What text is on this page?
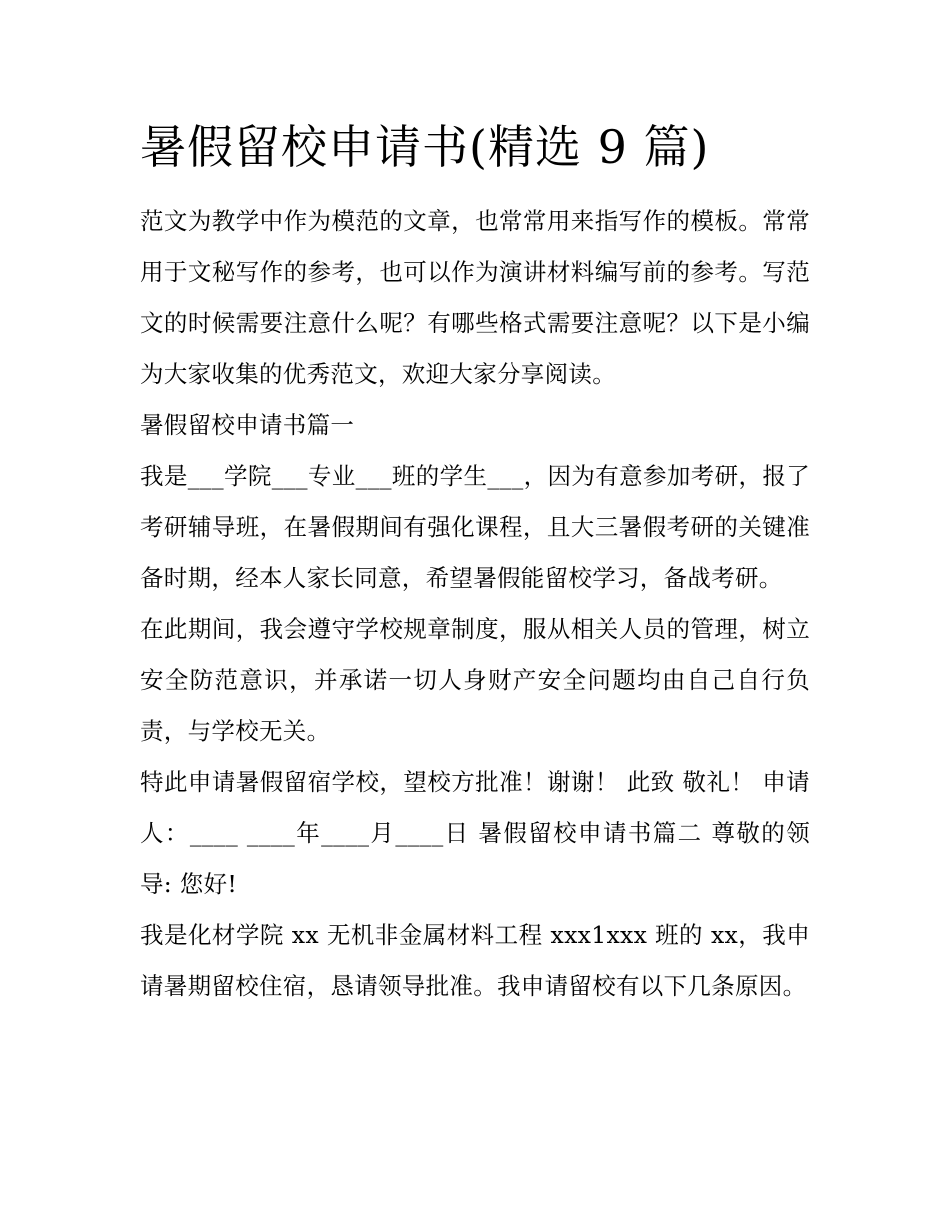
暑假留校申请书(精选 9 篇)

范文为教学中作为模范的文章，也常常用来指写作的模板。常常用于文秘写作的参考，也可以作为演讲材料编写前的参考。写范文的时候需要注意什么呢？有哪些格式需要注意呢？以下是小编为大家收集的优秀范文，欢迎大家分享阅读。

暑假留校申请书篇一

我是___学院___专业___班的学生___，因为有意参加考研，报了考研辅导班，在暑假期间有强化课程，且大三暑假考研的关键准备时期，经本人家长同意，希望暑假能留校学习，备战考研。

在此期间，我会遵守学校规章制度，服从相关人员的管理，树立安全防范意识，并承诺一切人身财产安全问题均由自己自行负责，与学校无关。

特此申请暑假留宿学校，望校方批准！谢谢！ 此致 敬礼！ 申请人：____ ____年____月____日 暑假留校申请书篇二 尊敬的领导: 您好!

我是化材学院 xx 无机非金属材料工程 xxx1xxx 班的 xx，我申请暑期留校住宿，恳请领导批准。我申请留校有以下几条原因。
